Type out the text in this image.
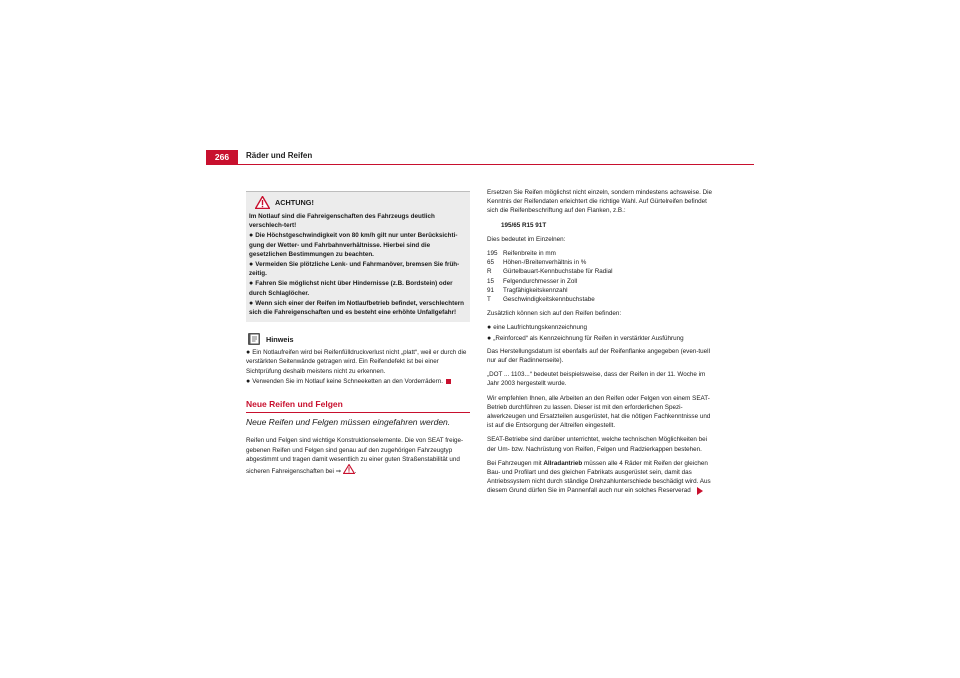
266	Räder und Reifen
ACHTUNG!

Im Notlauf sind die Fahreigenschaften des Fahrzeugs deutlich verschlech-tert!

● Die Höchstgeschwindigkeit von 80 km/h gilt nur unter Berücksichti-gung der Wetter- und Fahrbahnverhältnisse. Hierbei sind die gesetzlichen Bestimmungen zu beachten.
● Vermeiden Sie plötzliche Lenk- und Fahrmanöver, bremsen Sie früh-zeitig.
● Fahren Sie möglichst nicht über Hindernisse (z.B. Bordstein) oder durch Schlaglöcher.
● Wenn sich einer der Reifen im Notlaufbetrieb befindet, verschlechtern sich die Fahreigenschaften und es besteht eine erhöhte Unfallgefahr!
Hinweis
● Ein Notlaufreifen wird bei Reifenfülldruckverlust nicht „platt“, weil er durch die verstärkten Seitenwände getragen wird. Ein Reifendefekt ist bei einer Sichtprüfung deshalb meistens nicht zu erkennen.
● Verwenden Sie im Notlauf keine Schneeketten an den Vorderrädern.
Neue Reifen und Felgen
Neue Reifen und Felgen müssen eingefahren werden.

Reifen und Felgen sind wichtige Konstruktionselemente. Die von SEAT freige-gebenen Reifen und Felgen sind genau auf den zugehörigen Fahrzeugtyp abgestimmt und tragen damit wesentlich zu einer guten Straßenstabilität und sicheren Fahreigenschaften bei ⇒ .

Ersetzen Sie Reifen möglichst nicht einzeln, sondern mindestens achsweise. Die Kenntnis der Reifendaten erleichtert die richtige Wahl. Auf Gürtelreifen befindet sich die Reifenbeschriftung auf den Flanken, z.B.:

195/65 R15 91T

Dies bedeutet im Einzelnen:

195 Reifenbreite in mm
65	Höhen-/Breitenverhältnis in %
R	Gürtelbauart-Kennbuchstabe für Radial
15	Felgendurchmesser in Zoll
91	Tragfähigkeitskennzahl
T	Geschwindigkeitskennbuchstabe

Zusätzlich können sich auf den Reifen befinden:

● eine Laufrichtungskennzeichnung
● „Reinforced“ als Kennzeichnung für Reifen in verstärkter Ausführung

Das Herstellungsdatum ist ebenfalls auf der Reifenflanke angegeben (even-tuell nur auf der Radinnenseite).

„DOT ... 1103...“ bedeutet beispielsweise, dass der Reifen in der 11. Woche im Jahr 2003 hergestellt wurde.

Wir empfehlen Ihnen, alle Arbeiten an den Reifen oder Felgen von einem SEAT-Betrieb durchführen zu lassen. Dieser ist mit den erforderlichen Spezi-alwerkzeugen und Ersatzteilen ausgerüstet, hat die nötigen Fachkenntnisse und ist auf die Entsorgung der Altreifen eingestellt.

SEAT-Betriebe sind darüber unterrichtet, welche technischen Möglichkeiten bei der Um- bzw. Nachrüstung von Reifen, Felgen und Radzierkappen bestehen.

Bei Fahrzeugen mit Allradantrieb müssen alle 4 Räder mit Reifen der gleichen Bau- und Profilart und des gleichen Fabrikats ausgerüstet sein, damit das Antriebssystem nicht durch ständige Drehzahlunterschiede beschädigt wird. Aus diesem Grund dürfen Sie im Pannenfall auch nur ein solches Reserverad
